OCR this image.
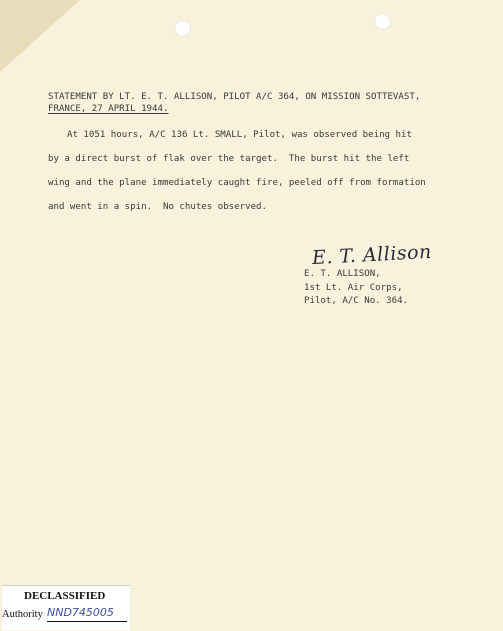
STATEMENT BY LT. E. T. ALLISON, PILOT A/C 364, ON MISSION SOTTEVAST,
FRANCE, 27 APRIL 1944.
At 1051 hours, A/C 136 Lt. SMALL, Pilot, was observed being hit
by a direct burst of flak over the target.  The burst hit the left
wing and the plane immediately caught fire, peeled off from formation
and went in a spin.  No chutes observed.
E. T. Allison
E. T. ALLISON,
1st Lt. Air Corps,
Pilot, A/C No. 364.
DECLASSIFIED
Authority NND745005
